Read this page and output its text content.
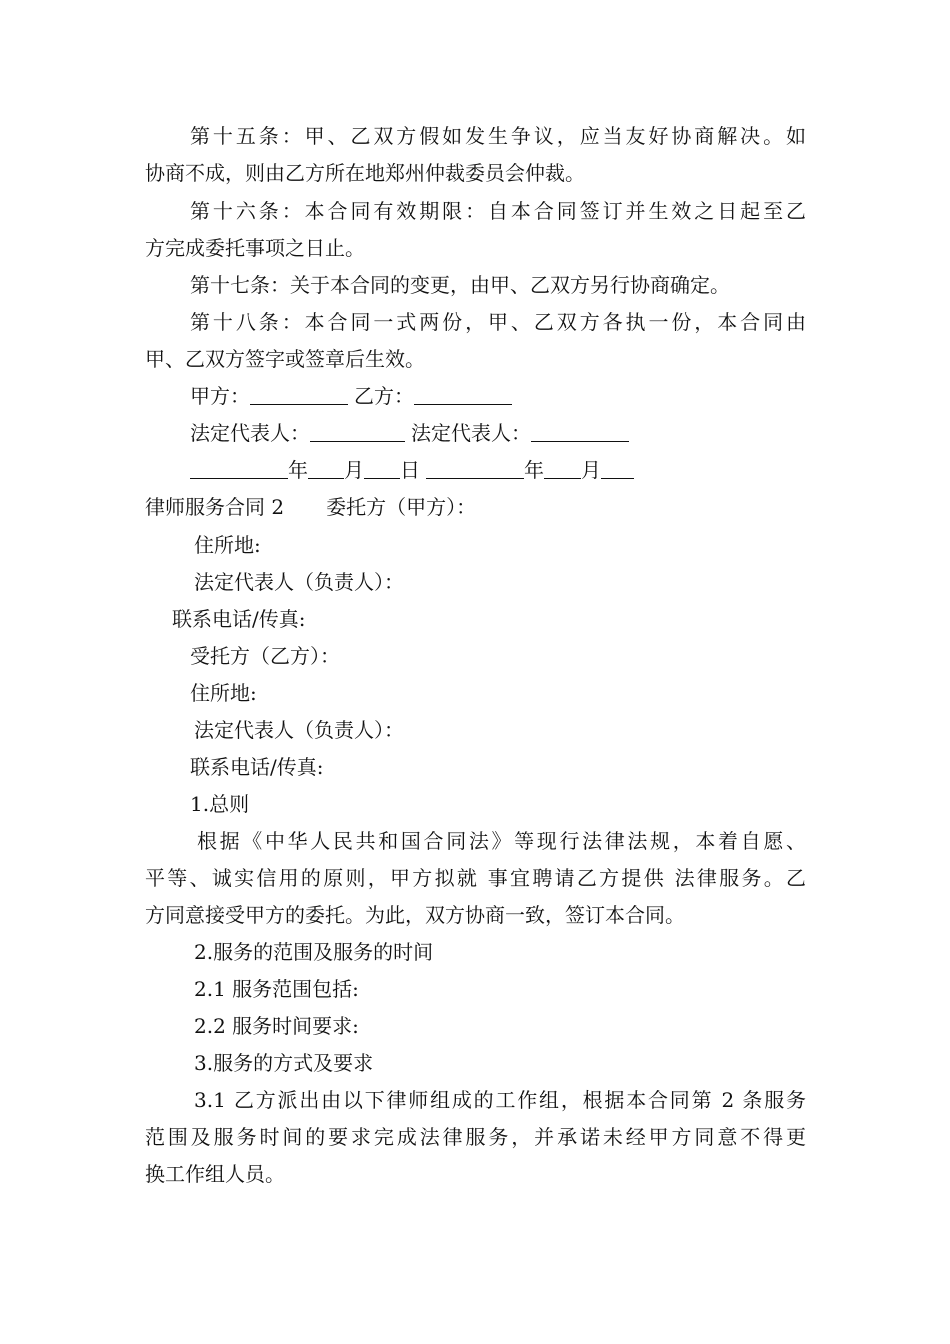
第十五条：甲、乙双方假如发生争议，应当友好协商解决。如
协商不成，则由乙方所在地郑州仲裁委员会仲裁。
第十六条：本合同有效期限：自本合同签订并生效之日起至乙
方完成委托事项之日止。
第十七条：关于本合同的变更，由甲、乙双方另行协商确定。
第十八条：本合同一式两份，甲、乙双方各执一份，本合同由
甲、乙双方签字或签章后生效。
甲方：	乙方：
法定代表人：	法定代表人：
年 月 日	年 月
律师服务合同 2 委托方（甲方）：
住所地:
法定代表人（负责人）：
联系电话/传真:
受托方（乙方）：
住所地:
法定代表人（负责人）：
联系电话/传真:
1.总则
根据《中华人民共和国合同法》等现行法律法规，本着自愿、
平等、诚实信用的原则，甲方拟就 事宜聘请乙方提供 法律服务。乙
方同意接受甲方的委托。为此，双方协商一致，签订本合同。
2.服务的范围及服务的时间
2.1 服务范围包括:
2.2 服务时间要求:
3.服务的方式及要求
3.1 乙方派出由以下律师组成的工作组，根据本合同第 2 条服务
范围及服务时间的要求完成法律服务，并承诺未经甲方同意不得更
换工作组人员。
